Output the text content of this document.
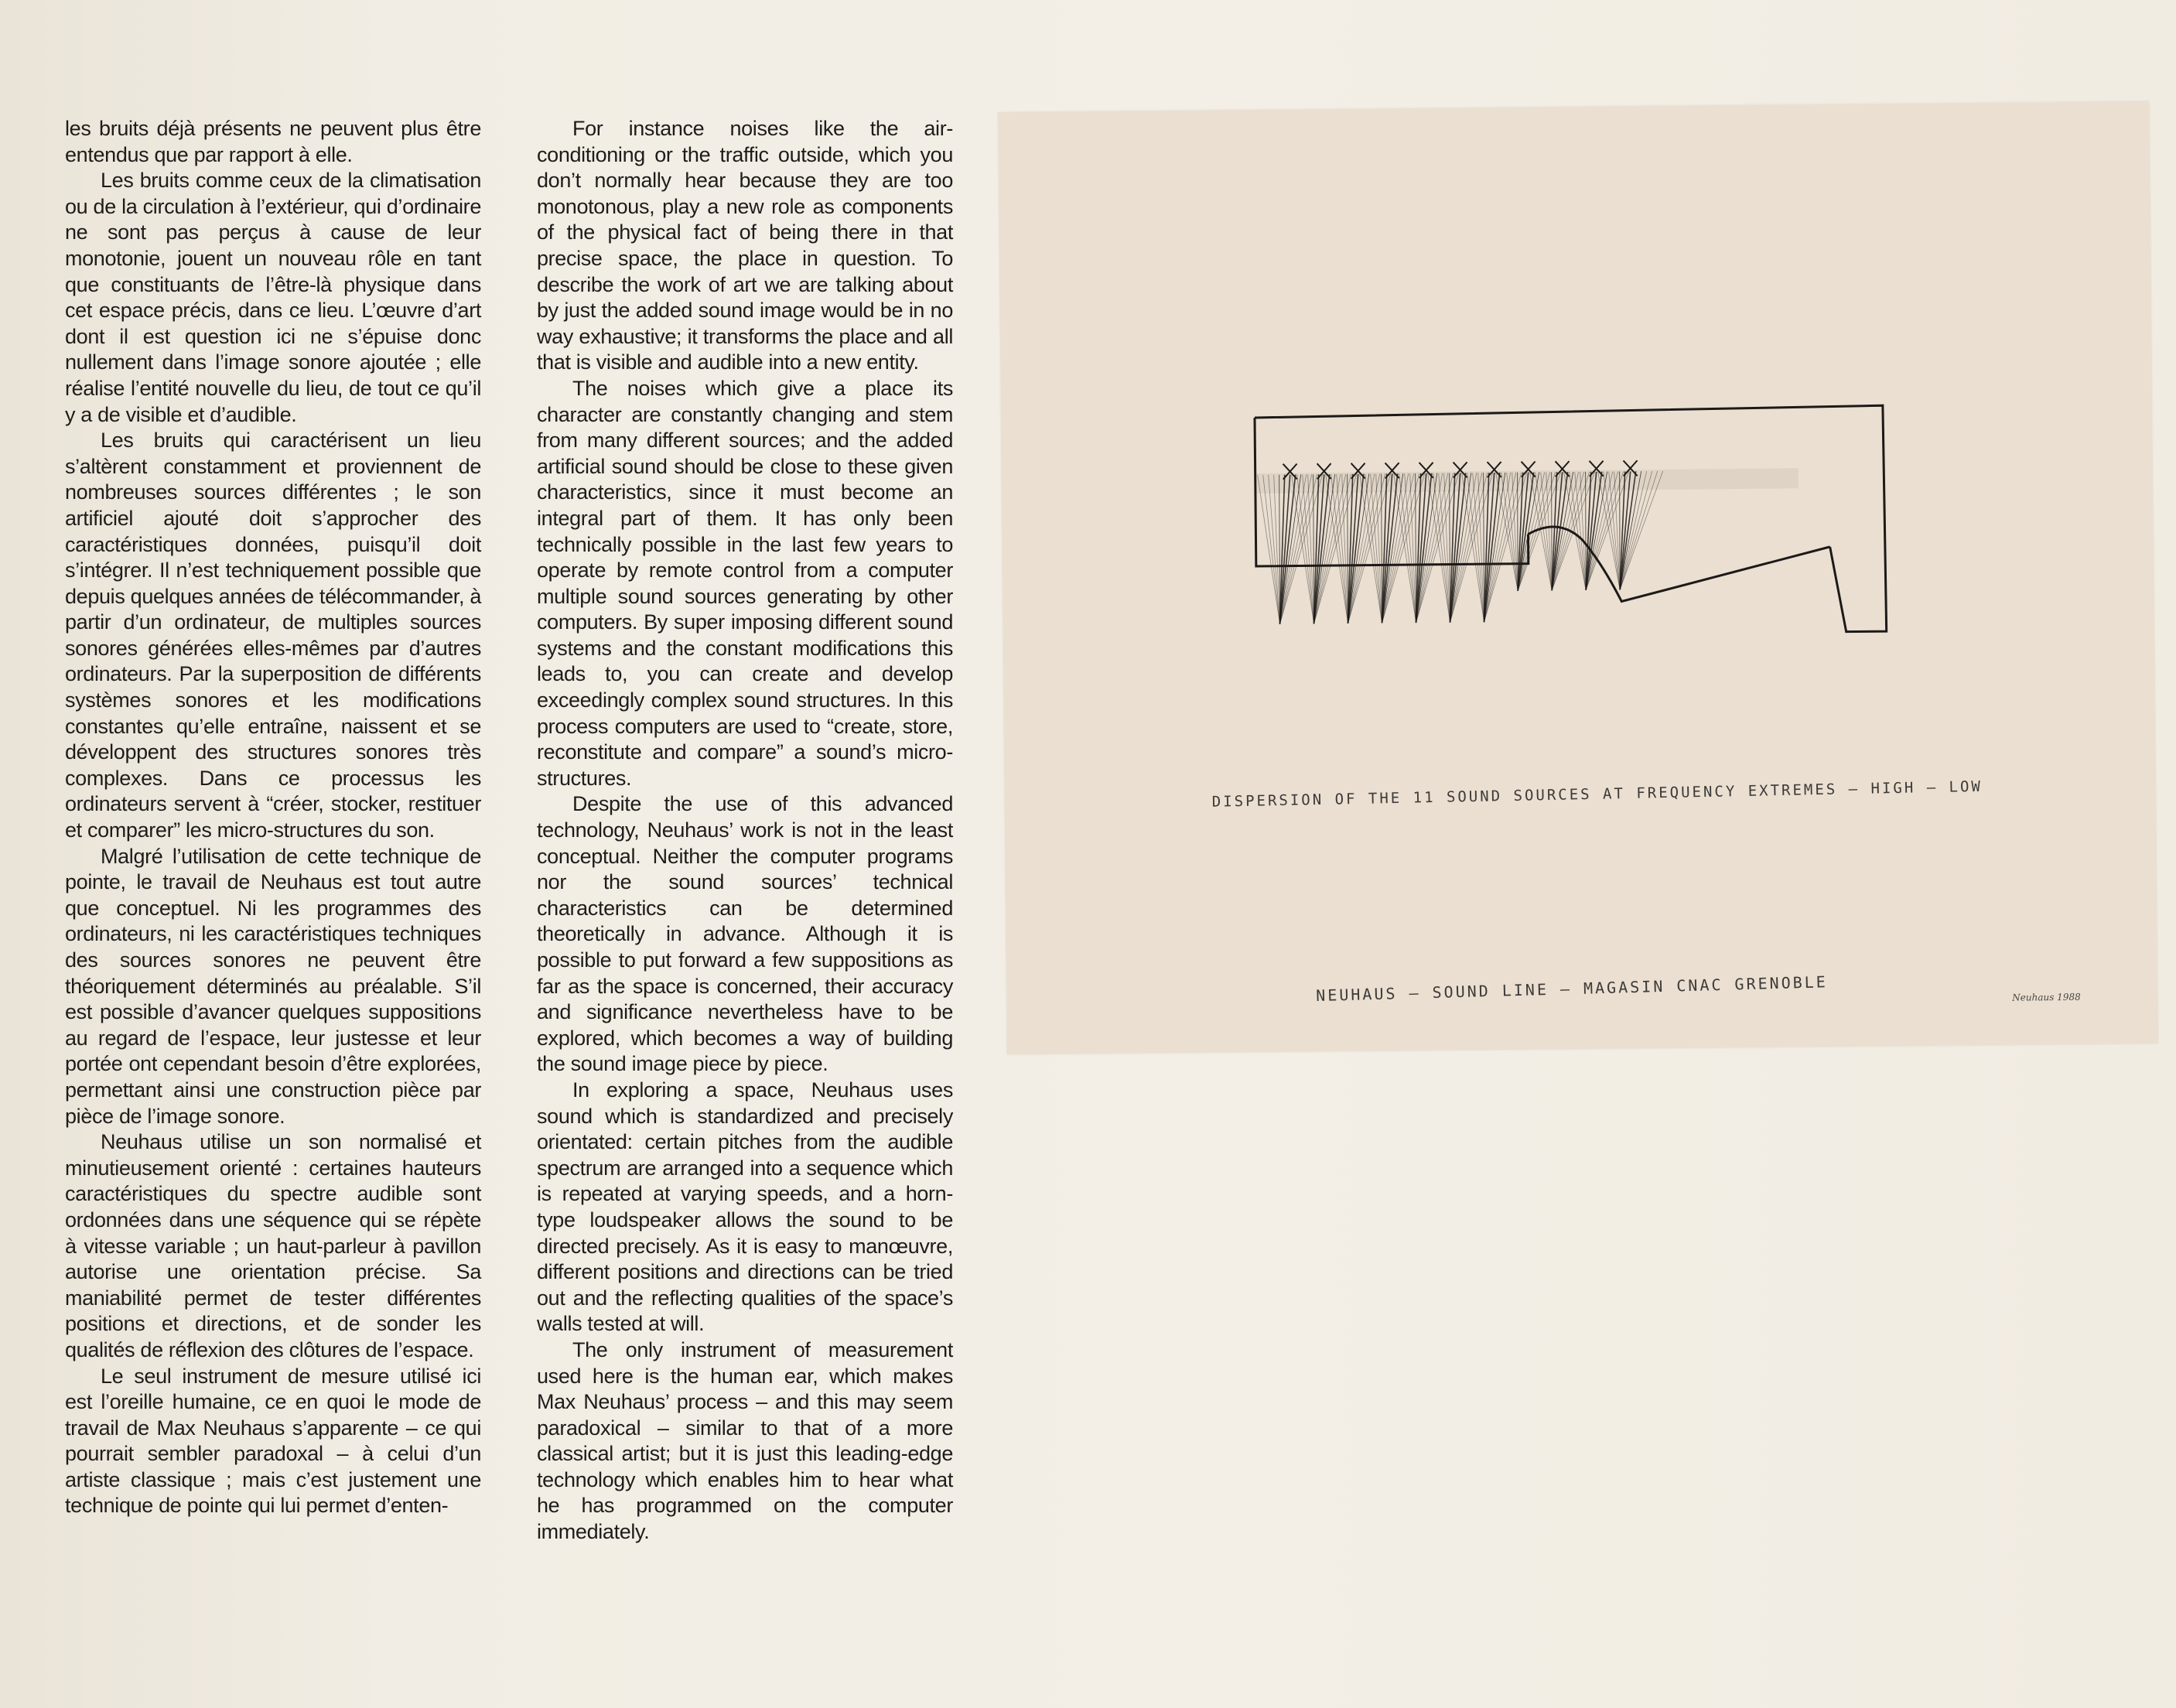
les bruits déjà présents ne peuvent plus être entendus que par rapport à elle.

Les bruits comme ceux de la climatisation ou de la circulation à l’extérieur, qui d’ordinaire ne sont pas perçus à cause de leur monotonie, jouent un nouveau rôle en tant que constituants de l’être-là physique dans cet espace précis, dans ce lieu. L’œuvre d’art dont il est question ici ne s’épuise donc nullement dans l’image sonore ajoutée ; elle réalise l’entité nouvelle du lieu, de tout ce qu’il y a de visible et d’audible.

Les bruits qui caractérisent un lieu s’altèrent constamment et proviennent de nombreuses sources différentes ; le son artificiel ajouté doit s’approcher des caractéristiques données, puisqu’il doit s’intégrer. Il n’est techniquement possible que depuis quelques années de télécommander, à partir d’un ordinateur, de multiples sources sonores générées elles-mêmes par d’autres ordinateurs. Par la superposition de différents systèmes sonores et les modifications constantes qu’elle entraîne, naissent et se développent des structures sonores très complexes. Dans ce processus les ordinateurs servent à “créer, stocker, restituer et comparer” les micro-structures du son.

Malgré l’utilisation de cette technique de pointe, le travail de Neuhaus est tout autre que conceptuel. Ni les programmes des ordinateurs, ni les caractéristiques techniques des sources sonores ne peuvent être théoriquement déterminés au préalable. S’il est possible d’avancer quelques suppositions au regard de l’espace, leur justesse et leur portée ont cependant besoin d’être explorées, permettant ainsi une construction pièce par pièce de l’image sonore.

Neuhaus utilise un son normalisé et minutieusement orienté : certaines hauteurs caractéristiques du spectre audible sont ordonnées dans une séquence qui se répète à vitesse variable ; un haut-parleur à pavillon autorise une orientation précise. Sa maniabilité permet de tester différentes positions et directions, et de sonder les qualités de réflexion des clôtures de l’espace.

Le seul instrument de mesure utilisé ici est l’oreille humaine, ce en quoi le mode de travail de Max Neuhaus s’apparente – ce qui pourrait sembler paradoxal – à celui d’un artiste classique ; mais c’est justement une technique de pointe qui lui permet d’enten-

For instance noises like the air-conditioning or the traffic outside, which you don’t normally hear because they are too monotonous, play a new role as components of the physical fact of being there in that precise space, the place in question. To describe the work of art we are talking about by just the added sound image would be in no way exhaustive; it transforms the place and all that is visible and audible into a new entity.

The noises which give a place its character are constantly changing and stem from many different sources; and the added artificial sound should be close to these given characteristics, since it must become an integral part of them. It has only been technically possible in the last few years to operate by remote control from a computer multiple sound sources generating by other computers. By super imposing different sound systems and the constant modifications this leads to, you can create and develop exceedingly complex sound structures. In this process computers are used to “create, store, reconstitute and compare” a sound’s micro-structures.

Despite the use of this advanced technology, Neuhaus’ work is not in the least conceptual. Neither the computer programs nor the sound sources’ technical characteristics can be determined theoretically in advance. Although it is possible to put forward a few suppositions as far as the space is concerned, their accuracy and significance nevertheless have to be explored, which becomes a way of building the sound image piece by piece.

In exploring a space, Neuhaus uses sound which is standardized and precisely orientated: certain pitches from the audible spectrum are arranged into a sequence which is repeated at varying speeds, and a horn-type loudspeaker allows the sound to be directed precisely. As it is easy to manœuvre, different positions and directions can be tried out and the reflecting qualities of the space’s walls tested at will.

The only instrument of measurement used here is the human ear, which makes Max Neuhaus’ process – and this may seem paradoxical – similar to that of a more classical artist; but it is just this leading-edge technology which enables him to hear what he has programmed on the computer immediately.

DISPERSION OF THE 11 SOUND SOURCES AT FREQUENCY EXTREMES — HIGH — LOW
NEUHAUS — SOUND LINE — MAGASIN CNAC GRENOBLE	Neuhaus 1988
